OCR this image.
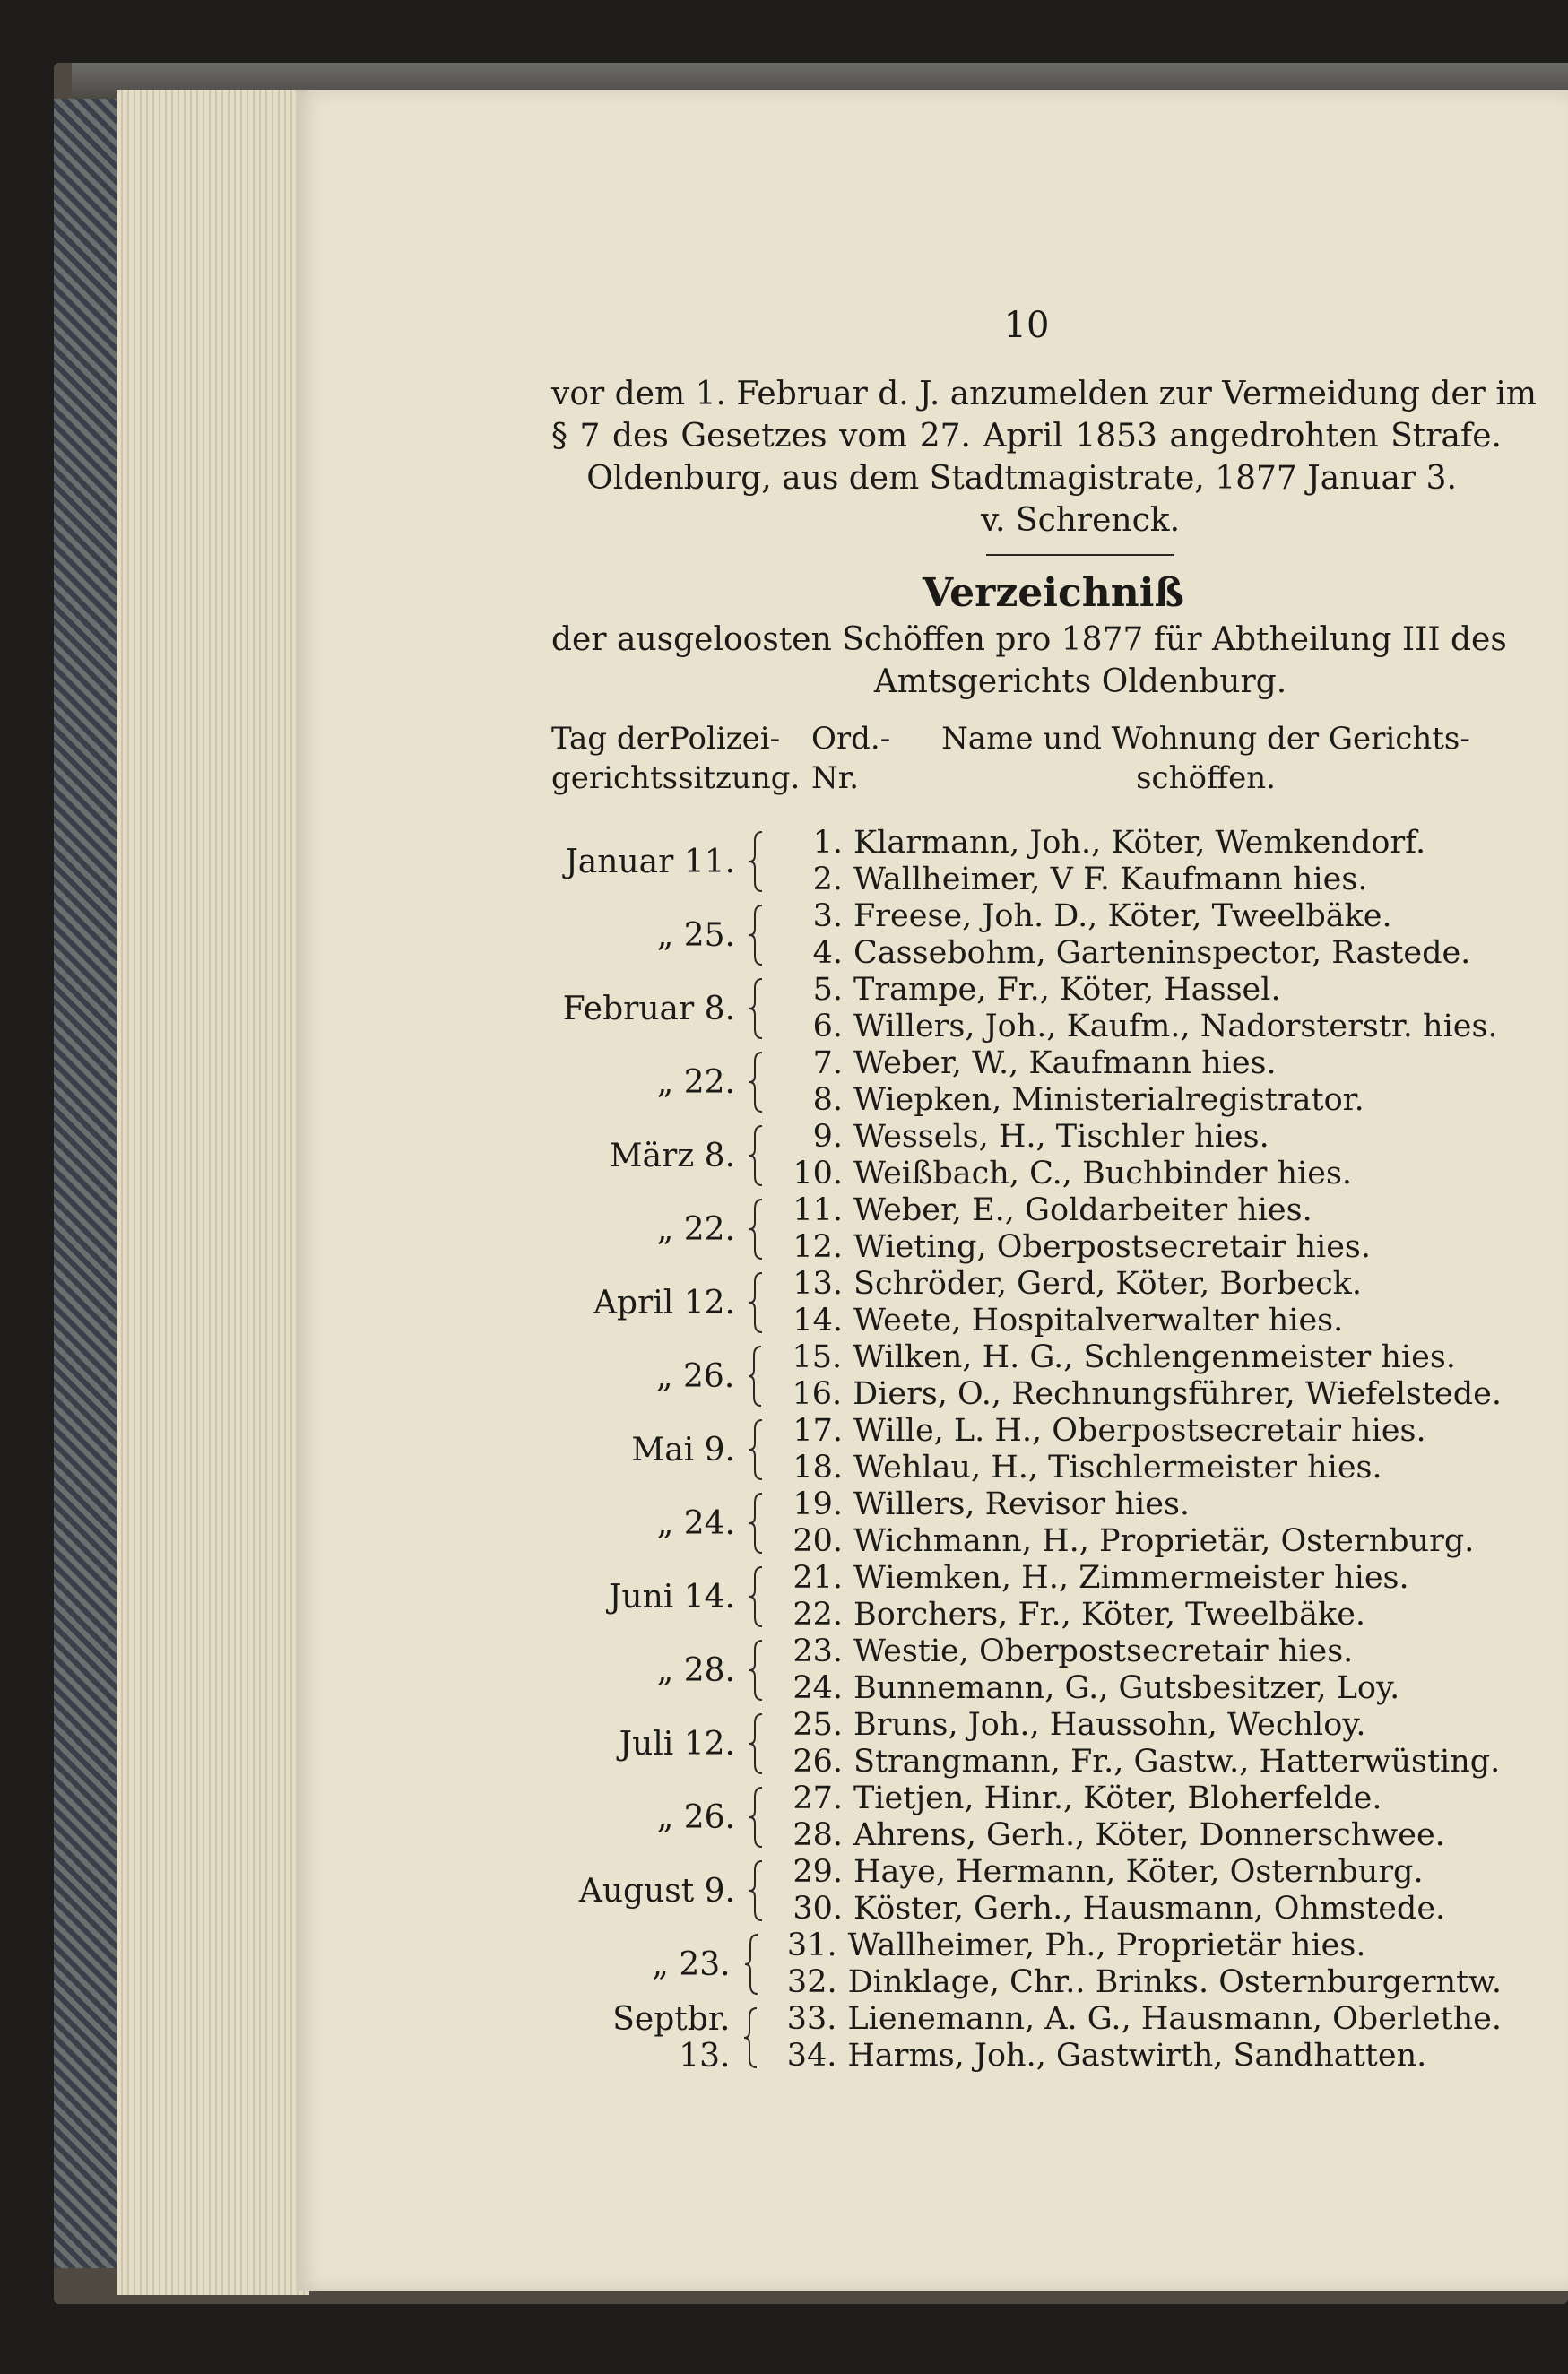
10
vor dem 1. Februar d. J. anzumelden zur Vermeidung der im
§ 7 des Gesetzes vom 27. April 1853 angedrohten Strafe.
Oldenburg, aus dem Stadtmagistrate, 1877 Januar 3.
v. Schrenck.
Verzeichniß
der ausgeloosten Schöffen pro 1877 für Abtheilung III des
Amtsgerichts Oldenburg.
Tag derPolizei-
gerichtssitzung.
Ord.-
Nr.
Name und Wohnung der Gerichts-
schöffen.
Januar 11.
1. Klarmann, Joh., Köter, Wemkendorf.
2. Wallheimer, V F. Kaufmann hies.
„ 25.
3. Freese, Joh. D., Köter, Tweelbäke.
4. Cassebohm, Garteninspector, Rastede.
Februar 8.
5. Trampe, Fr., Köter, Hassel.
6. Willers, Joh., Kaufm., Nadorsterstr. hies.
„ 22.
7. Weber, W., Kaufmann hies.
8. Wiepken, Ministerialregistrator.
März 8.
9. Wessels, H., Tischler hies.
10. Weißbach, C., Buchbinder hies.
„ 22.
11. Weber, E., Goldarbeiter hies.
12. Wieting, Oberpostsecretair hies.
April 12.
13. Schröder, Gerd, Köter, Borbeck.
14. Weete, Hospitalverwalter hies.
„ 26.
15. Wilken, H. G., Schlengenmeister hies.
16. Diers, O., Rechnungsführer, Wiefelstede.
Mai 9.
17. Wille, L. H., Oberpostsecretair hies.
18. Wehlau, H., Tischlermeister hies.
„ 24.
19. Willers, Revisor hies.
20. Wichmann, H., Proprietär, Osternburg.
Juni 14.
21. Wiemken, H., Zimmermeister hies.
22. Borchers, Fr., Köter, Tweelbäke.
„ 28.
23. Westie, Oberpostsecretair hies.
24. Bunnemann, G., Gutsbesitzer, Loy.
Juli 12.
25. Bruns, Joh., Haussohn, Wechloy.
26. Strangmann, Fr., Gastw., Hatterwüsting.
„ 26.
27. Tietjen, Hinr., Köter, Bloherfelde.
28. Ahrens, Gerh., Köter, Donnerschwee.
August 9.
29. Haye, Hermann, Köter, Osternburg.
30. Köster, Gerh., Hausmann, Ohmstede.
„ 23.
31. Wallheimer, Ph., Proprietär hies.
32. Dinklage, Chr.. Brinks. Osternburgerntw.
Septbr. 13.
33. Lienemann, A. G., Hausmann, Oberlethe.
34. Harms, Joh., Gastwirth, Sandhatten.
